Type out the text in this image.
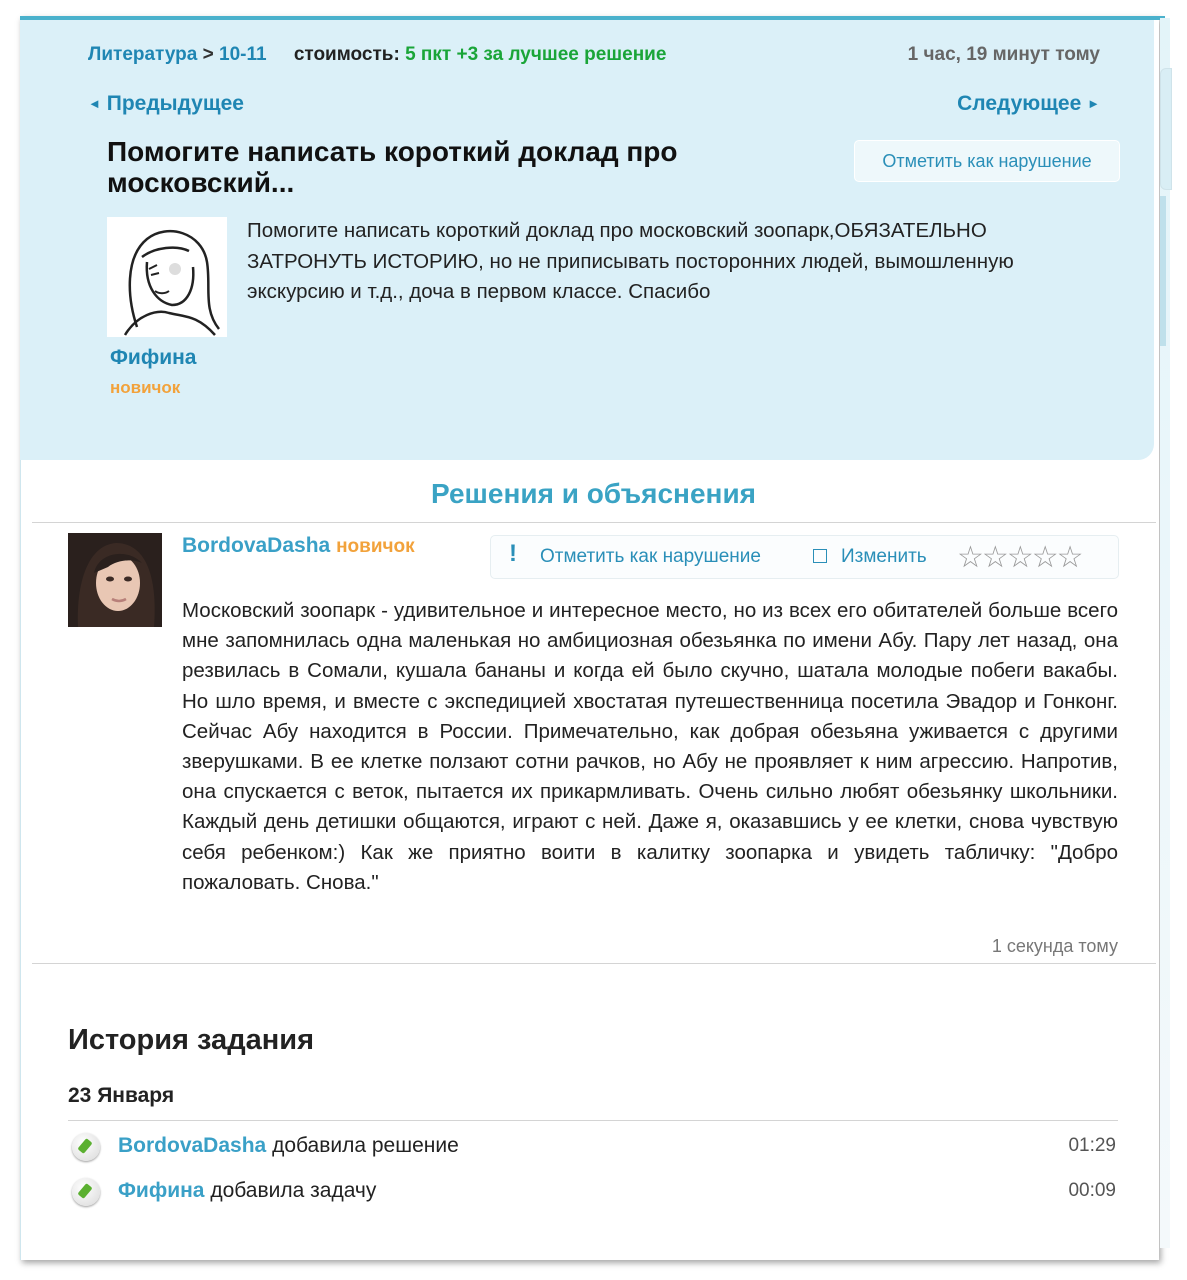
Литература > 10-11 стоимость: 5 пкт +3 за лучшее решение	1 час, 19 минут тому
◄ Предыдущее	Следующее ►
Помогите написать короткий доклад про московский...
Отметить как нарушение
Фифина
новичок
Помогите написать короткий доклад про московский зоопарк,ОБЯЗАТЕЛЬНО ЗАТРОНУТЬ ИСТОРИЮ, но не приписывать посторонних людей, вымошленную экскурсию и т.д., доча в первом классе. Спасибо
Решения и объяснения
BordovaDasha новичок	! Отметить как нарушение	Изменить ☆☆☆☆☆
Московский зоопарк - удивительное и интересное место, но из всех его обитателей больше всего мне запомнилась одна маленькая но амбициозная обезьянка по имени Абу. Пару лет назад, она резвилась в Сомали, кушала бананы и когда ей было скучно, шатала молодые побеги вакабы. Но шло время, и вместе с экспедицией хвостатая путешественница посетила Эвадор и Гонконг. Сейчас Абу находится в России. Примечательно, как добрая обезьяна уживается с другими зверушками. В ее клетке ползают сотни рачков, но Абу не проявляет к ним агрессию. Напротив, она спускается с веток, пытается их прикармливать. Очень сильно любят обезьянку школьники. Каждый день детишки общаются, играют с ней. Даже я, оказавшись у ее клетки, снова чувствую себя ребенком:) Как же приятно воити в калитку зоопарка и увидеть табличку: "Добро пожаловать. Снова."
1 секунда тому
История задания
23 Января
BordovaDasha добавила решение	01:29
Фифина добавила задачу	00:09
